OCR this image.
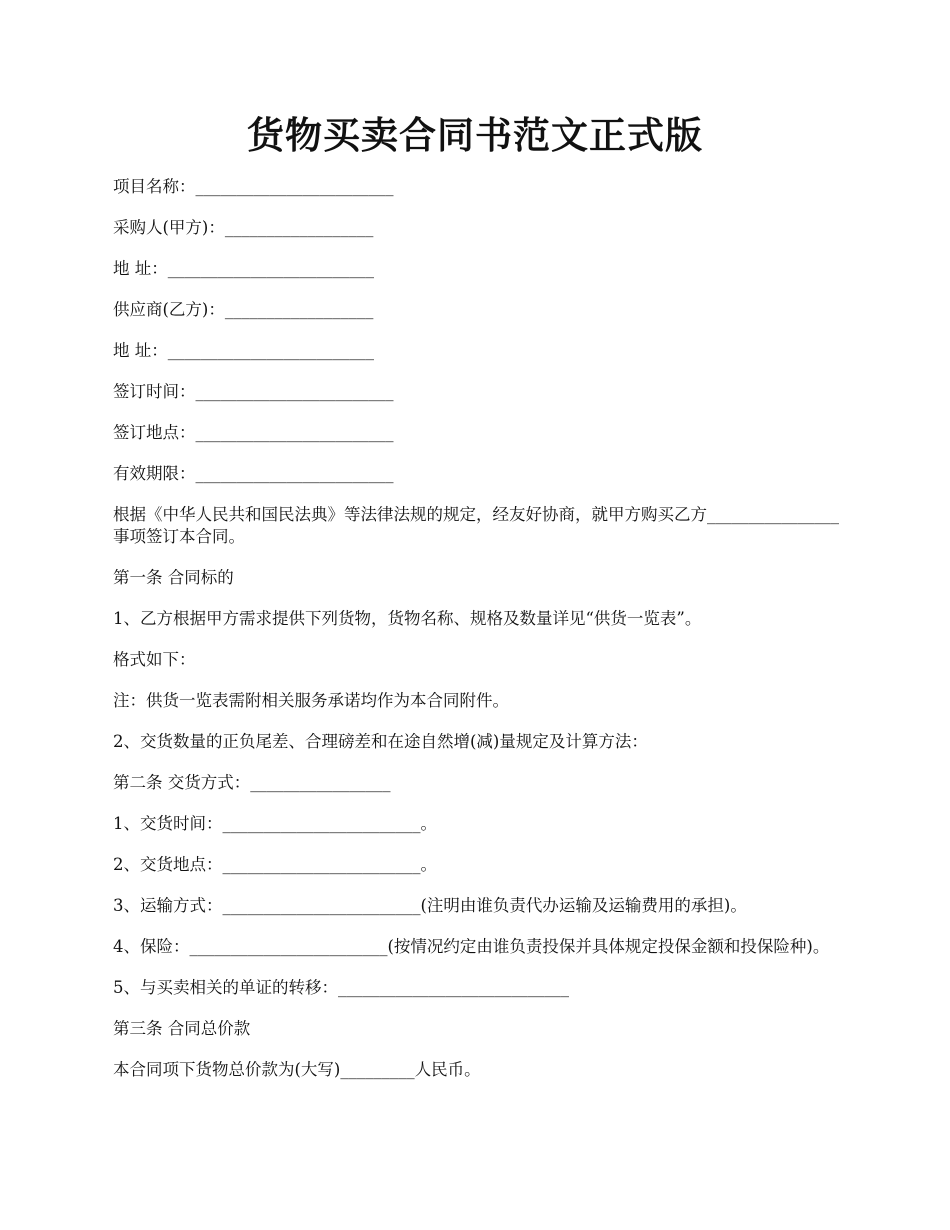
货物买卖合同书范文正式版

项目名称：________________________

采购人(甲方)：__________________

地 址：_________________________

供应商(乙方)：__________________

地 址：_________________________

签订时间：________________________

签订地点：________________________

有效期限：________________________

根据《中华人民共和国民法典》等法律法规的规定，经友好协商，就甲方购买乙方________________事项签订本合同。

第一条 合同标的

1、乙方根据甲方需求提供下列货物，货物名称、规格及数量详见“供货一览表”。

格式如下：

注：供货一览表需附相关服务承诺均作为本合同附件。

2、交货数量的正负尾差、合理磅差和在途自然增(减)量规定及计算方法：

第二条 交货方式：_________________

1、交货时间：________________________。

2、交货地点：________________________。

3、运输方式：________________________(注明由谁负责代办运输及运输费用的承担)。

4、保险：________________________(按情况约定由谁负责投保并具体规定投保金额和投保险种)。

5、与买卖相关的单证的转移：____________________________

第三条 合同总价款

本合同项下货物总价款为(大写)_________人民币。
